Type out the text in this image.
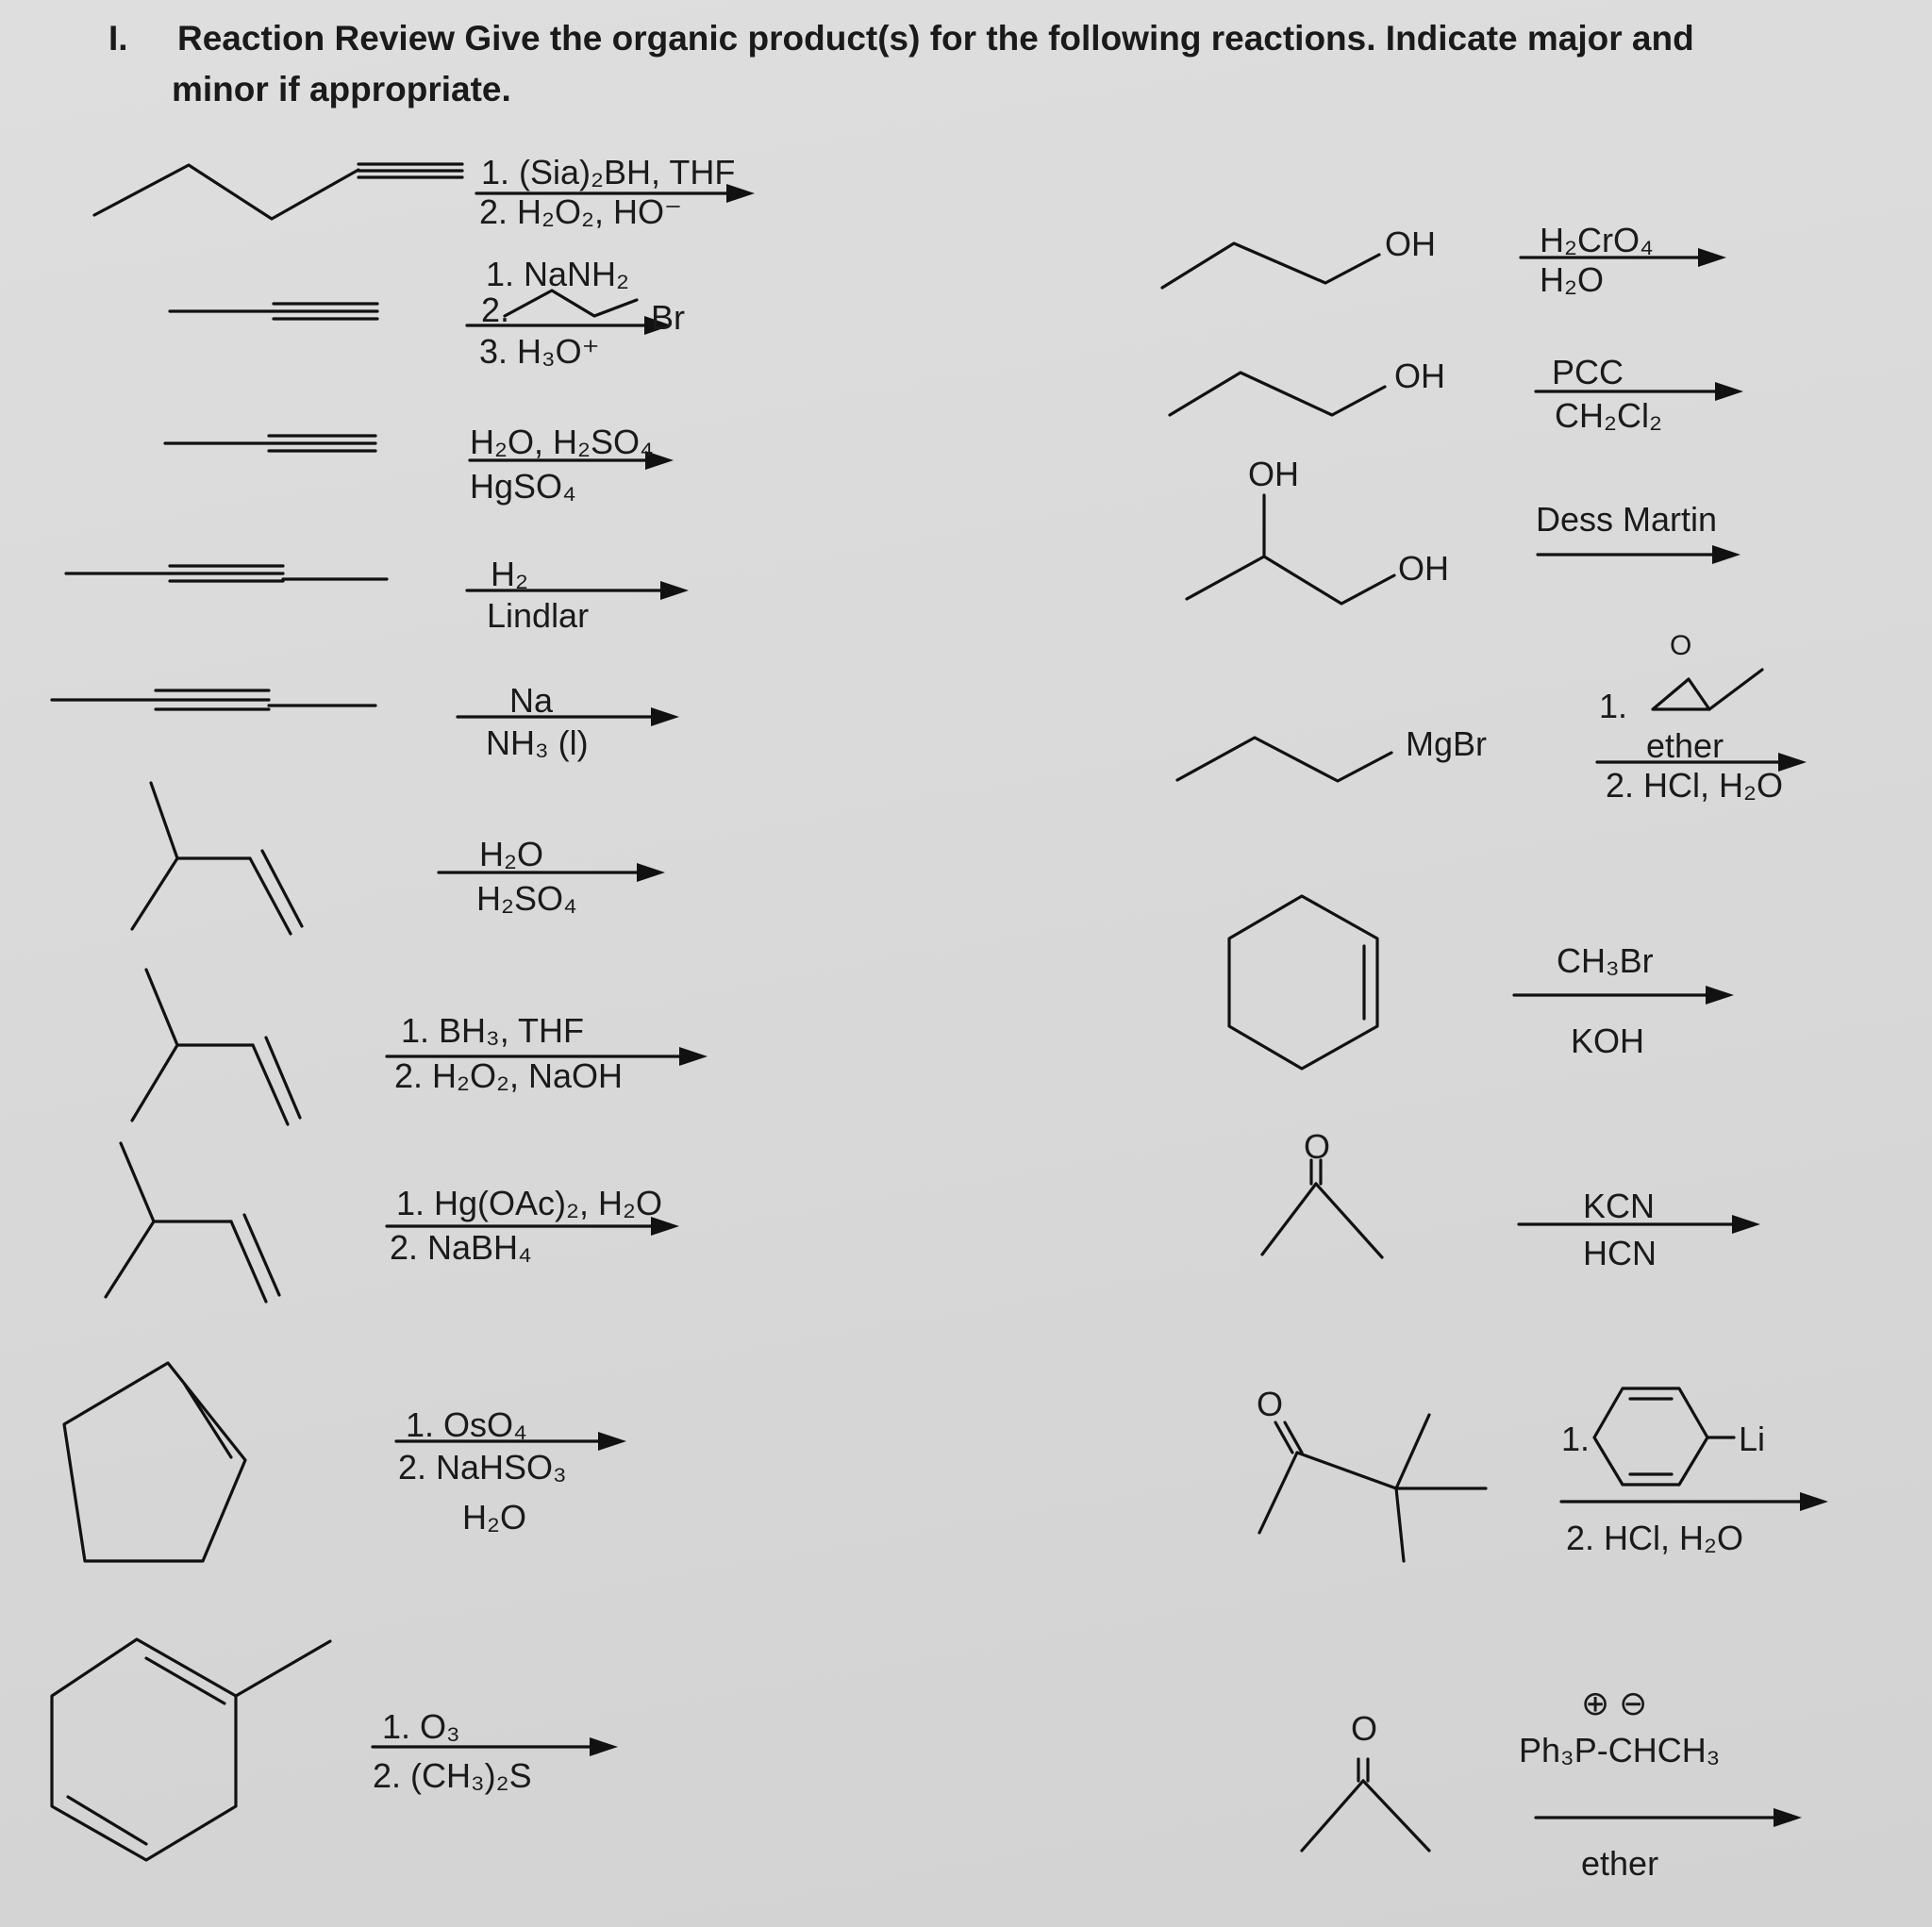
I. Reaction Review Give the organic product(s) for the following reactions. Indicate major and
minor if appropriate.
1. (Sia)₂BH, THF
2. H₂O₂, HO⁻
1. NaNH₂
2.	Br
3. H₃O⁺
H₂O, H₂SO₄
HgSO₄
H₂
Lindlar
Na
NH₃ (l)
H₂O
H₂SO₄
1. BH₃, THF
2. H₂O₂, NaOH
1. Hg(OAc)₂, H₂O
2. NaBH₄
1. OsO₄
2. NaHSO₃
H₂O
1. O₃
2. (CH₃)₂S
OH	H₂CrO₄
H₂O
OH	PCC
CH₂Cl₂
OH
OH
Dess Martin
MgBr
1.
O
ether
2. HCl, H₂O
CH₃Br
KOH
O
KCN
HCN
O
1.	Li
2. HCl, H₂O
O
⊕ ⊖
Ph₃P-CHCH₃
ether
